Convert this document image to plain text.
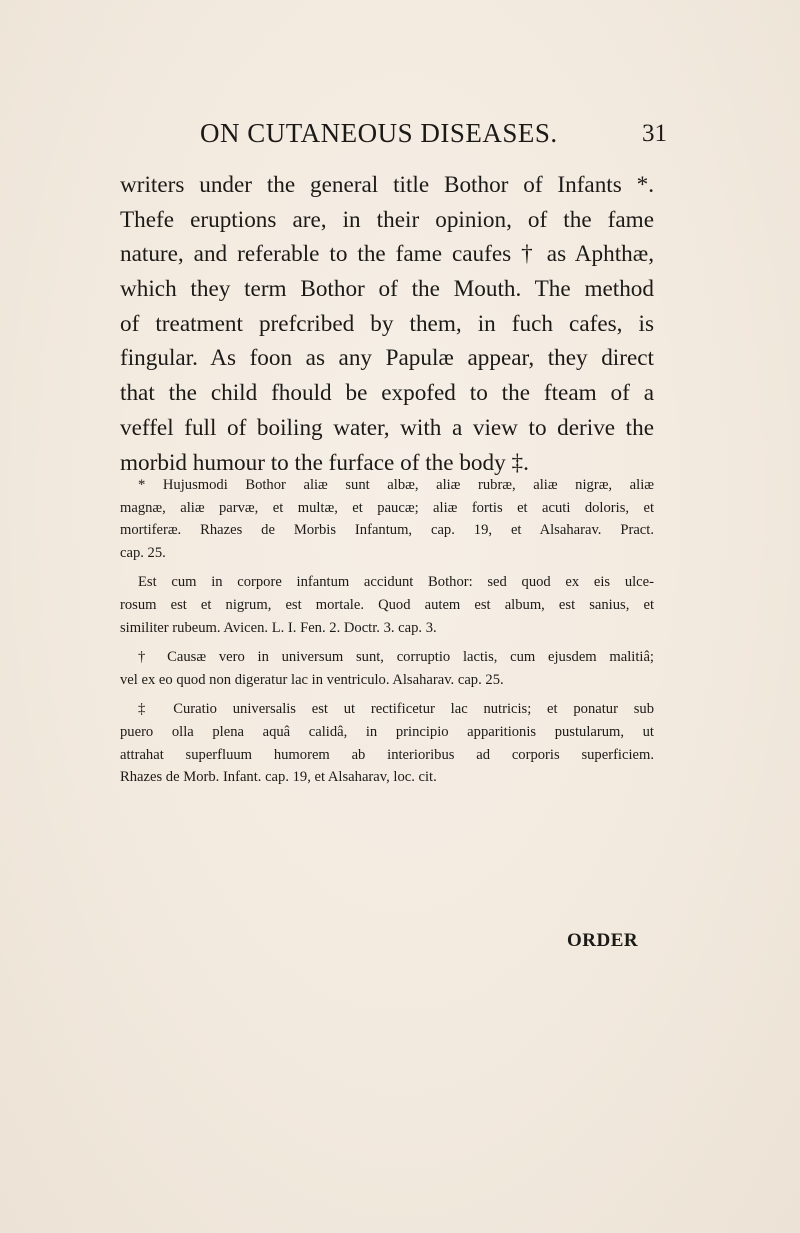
ON CUTANEOUS DISEASES.	31
writers under the general title Bothor of Infants *.
Thefe eruptions are, in their opinion, of the fame
nature, and referable to the fame caufes † as Aphthæ,
which they term Bothor of the Mouth. The method
of treatment prefcribed by them, in fuch cafes, is
fingular. As foon as any Papulæ appear, they direct
that the child fhould be expofed to the fteam of a
veffel full of boiling water, with a view to derive the
morbid humour to the furface of the body ‡.
* Hujusmodi Bothor aliæ sunt albæ, aliæ rubræ, aliæ nigræ, aliæ
magnæ, aliæ parvæ, et multæ, et paucæ; aliæ fortis et acuti doloris, et
mortiferæ. Rhazes de Morbis Infantum, cap. 19, et Alsaharav. Pract.
cap. 25.
Est cum in corpore infantum accidunt Bothor: sed quod ex eis ulce-
rosum est et nigrum, est mortale. Quod autem est album, est sanius, et
similiter rubeum. Avicen. L. I. Fen. 2. Doctr. 3. cap. 3.
† Causæ vero in universum sunt, corruptio lactis, cum ejusdem malitiâ;
vel ex eo quod non digeratur lac in ventriculo. Alsaharav. cap. 25.
‡ Curatio universalis est ut rectificetur lac nutricis; et ponatur sub
puero olla plena aquâ calidâ, in principio apparitionis pustularum, ut
attrahat superfluum humorem ab interioribus ad corporis superficiem.
Rhazes de Morb. Infant. cap. 19, et Alsaharav, loc. cit.
ORDER
